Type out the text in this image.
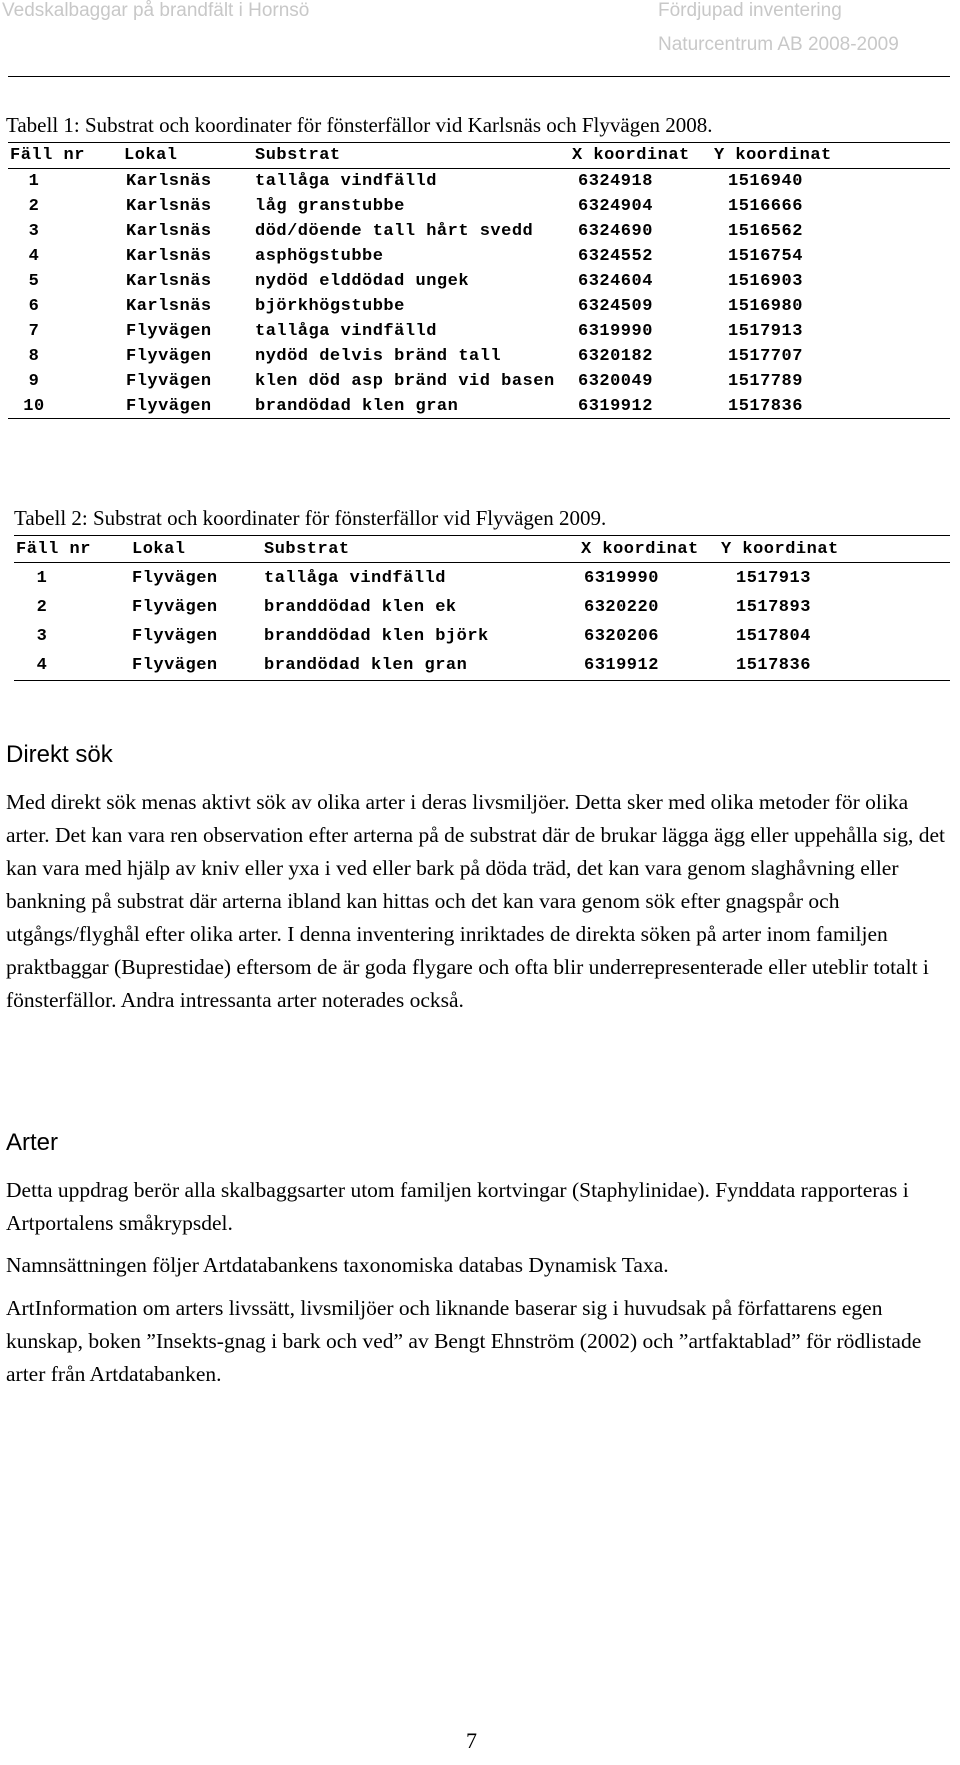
Vedskalbaggar på brandfält i Hornsö	Fördjupad inventering
Naturcentrum AB 2008-2009
Tabell 1: Substrat och koordinater för fönsterfällor vid Karlsnäs och Flyvägen 2008.
Fäll nr Lokal	Substrat	X koordinat Y koordinat
1	Karlsnäs	tallåga vindfälld	6324918	1516940
2	Karlsnäs	låg granstubbe	6324904	1516666
3	Karlsnäs	död/döende tall hårt svedd	6324690	1516562
4	Karlsnäs	asphögstubbe	6324552	1516754
5	Karlsnäs	nydöd elddödad ungek	6324604	1516903
6	Karlsnäs	björkhögstubbe	6324509	1516980
7	Flyvägen	tallåga vindfälld	6319990	1517913
8	Flyvägen	nydöd delvis bränd tall	6320182	1517707
9	Flyvägen	klen död asp bränd vid basen 6320049	1517789
10	Flyvägen	brandödad klen gran	6319912	1517836
Tabell 2: Substrat och koordinater för fönsterfällor vid Flyvägen 2009.
Fäll nr Lokal	Substrat	X koordinat Y koordinat
1	Flyvägen	tallåga vindfälld	6319990	1517913
2	Flyvägen	branddödad klen ek	6320220	1517893
3	Flyvägen	branddödad klen björk	6320206	1517804
4	Flyvägen	brandödad klen gran	6319912	1517836
Direkt sök

Med direkt sök menas aktivt sök av olika arter i deras livsmiljöer. Detta sker med olika metoder för olika arter. Det kan vara ren observation efter arterna på de substrat där de brukar lägga ägg eller uppehålla sig, det kan vara med hjälp av kniv eller yxa i ved eller bark på döda träd, det kan vara genom slaghåvning eller bankning på substrat där arterna ibland kan hittas och det kan vara genom sök efter gnagspår och utgångs/flyghål efter olika arter. I denna inventering inriktades de direkta söken på arter inom familjen praktbaggar (Buprestidae) eftersom de är goda flygare och ofta blir underrepresenterade eller uteblir totalt i fönsterfällor. Andra intressanta arter noterades också.

Arter

Detta uppdrag berör alla skalbaggsarter utom familjen kortvingar (Staphylinidae). Fynddata rapporteras i Artportalens småkrypsdel.

Namnsättningen följer Artdatabankens taxonomiska databas Dynamisk Taxa.

ArtInformation om arters livssätt, livsmiljöer och liknande baserar sig i huvudsak på författarens egen kunskap, boken ”Insekts-gnag i bark och ved” av Bengt Ehnström (2002) och ”artfaktablad” för rödlistade arter från Artdatabanken.

7
